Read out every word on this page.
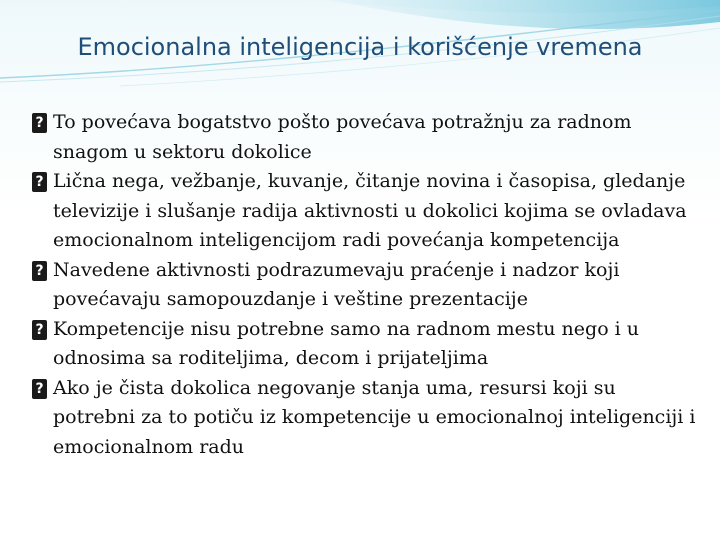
Emocionalna inteligencija i korišćenje vremena
? To povećava bogatstvo pošto povećava potražnju za radnom snagom u sektoru dokolice
? Lična nega, vežbanje, kuvanje, čitanje novina i časopisa, gledanje televizije i slušanje radija aktivnosti u dokolici kojima se ovladava emocionalnom inteligencijom radi povećanja kompetencija
? Navedene aktivnosti podrazumevaju praćenje i nadzor koji povećavaju samopouzdanje i veštine prezentacije
? Kompetencije nisu potrebne samo na radnom mestu nego i u odnosima sa roditeljima, decom i prijateljima
? Ako je čista dokolica negovanje stanja uma, resursi koji su potrebni za to potiču iz kompetencije u emocionalnoj inteligenciji i emocionalnom radu
